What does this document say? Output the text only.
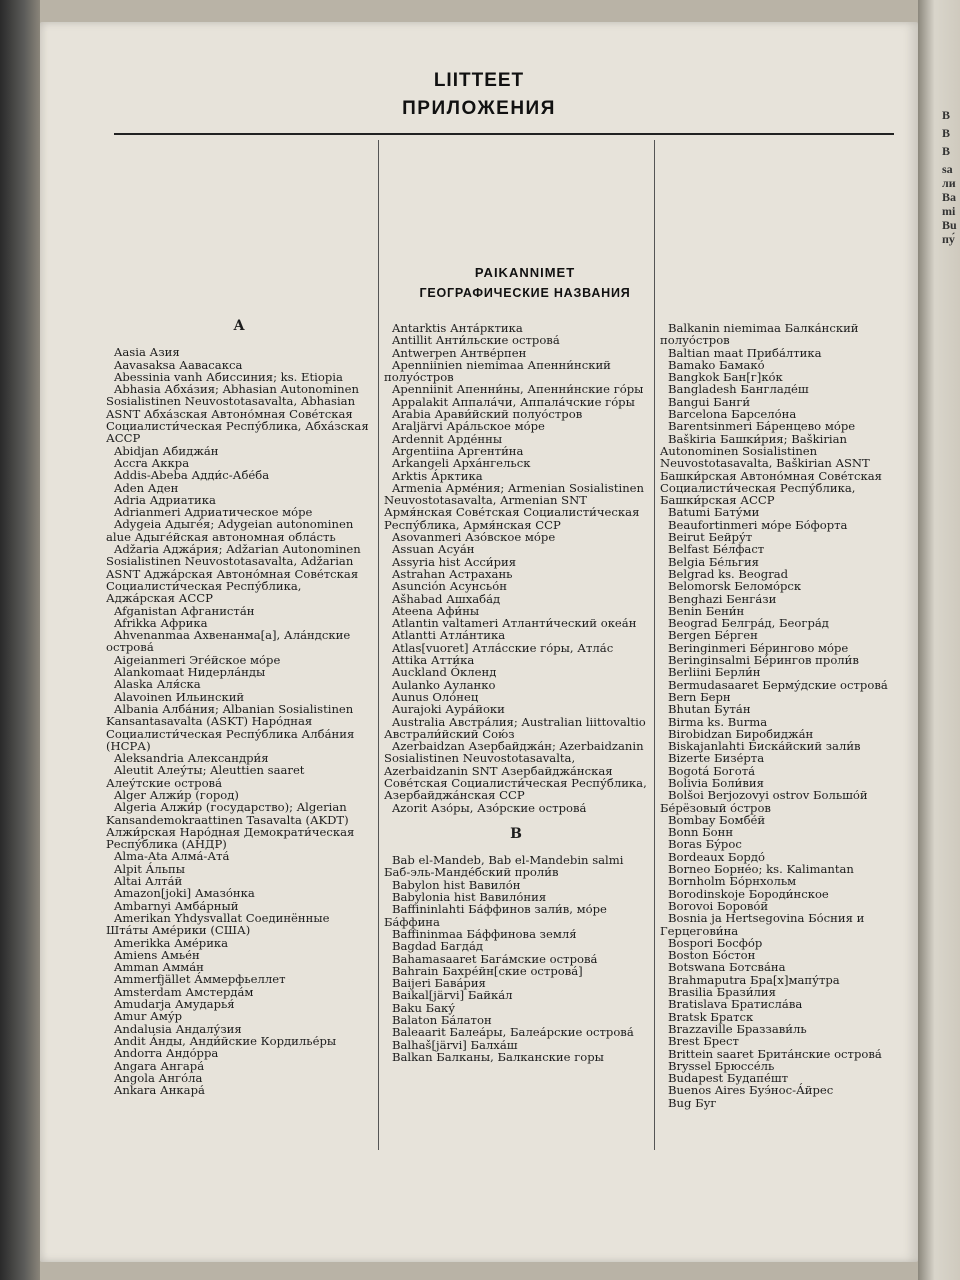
B
B
B
sa
ли
Ba
mi
Bu
пу́
LIITTEET
ПРИЛОЖЕНИЯ
PAIKANNIMET
ГЕОГРАФИЧЕСКИЕ НАЗВАНИЯ
A
Aasia Азия
Aavasaksa Аавасакса
Abessinia vanh Абиссиния; ks. Etiopia
Abhasia Абха́зия; Abhasian Autonominen Sosialistinen Neuvostotasavalta, Abhasian ASNT Абха́зская Автоно́мная Сове́тская Социалисти́ческая Респу́блика, Абха́зская АССР
Abidjan Абиджа́н
Accra Аккра
Addis-Abeba Адди́с-Абе́ба
Aden Аден
Adria Адриатика
Adrianmeri Адриатическое мо́ре
Adygeia Адыге́я; Adygeian autonominen alue Адыге́йская автономная обла́сть
Adžaria Аджа́рия; Adžarian Autonominen Sosialistinen Neuvostotasavalta, Adžarian ASNT Аджа́рская Автоно́мная Сове́тская Социалисти́ческая Респу́блика, Аджа́рская АССР
Afganistan Афганиста́н
Afrikka Африка
Ahvenanmaa Ахвенанма[а], Ала́ндские острова́
Aigeianmeri Эге́йское мо́ре
Alankomaat Нидерла́нды
Alaska Аля́ска
Alavoinen Ильинский
Albania Алба́ния; Albanian Sosialistinen Kansantasavalta (ASKT) Наро́дная Социалисти́ческая Респу́блика Алба́ния (НСРА)
Aleksandria Александри́я
Aleutit Алеу́ты; Aleuttien saaret Алеу́тские острова́
Alger Алжи́р (город)
Algeria Алжи́р (государство); Algerian Kansandemokraattinen Tasavalta (AKDT) Алжи́рская Наро́дная Демократи́ческая Респу́блика (АНДР)
Alma-Ata Алма́-Ата́
Alpit А́льпы
Altai Алта́й
Amazon[joki] Амазо́нка
Ambarnyi Амба́рный
Amerikan Yhdysvallat Соединённые Шта́ты Аме́рики (США)
Amerikka Аме́рика
Amiens Амье́н
Amman Амма́н
Ammerfjället А́ммерфьеллет
Amsterdam Амстерда́м
Amudarja Амударья́
Amur Аму́р
Andalusia Андалу́зия
Andit А́нды, Анди́йские Кордилье́ры
Andorra Андо́рра
Angara Ангара́
Angola Анго́ла
Ankara Анкара́
Antarktis Анта́рктика
Antillit Анти́льские острова́
Antwerpen Антве́рпен
Apenniinien niemimaa Апенни́нский полуо́стров
Apenniinit Апенни́ны, Апенни́нские го́ры
Appalakit Аппала́чи, Аппала́чские го́ры
Arabia Арави́йский полуо́стров
Araljärvi Ара́льское мо́ре
Ardennit Арде́нны
Argentiina Аргенти́на
Arkangeli Арха́нгельск
Arktis А́рктика
Armenia Арме́ния; Armenian Sosialistinen Neuvostotasavalta, Armenian SNT Армя́нская Сове́тская Социалисти́ческая Респу́блика, Армя́нская ССР
Asovanmeri Азо́вское мо́ре
Assuan Асуа́н
Assyria hist Асси́рия
Astrahan Астрахань
Asunción Асунсьо́н
Ašhabad Ашхаба́д
Ateena Афи́ны
Atlantin valtameri Атланти́ческий океа́н
Atlantti Атла́нтика
Atlas[vuoret] Атла́сские го́ры, Атла́с
Attika Атти́ка
Auckland О́кленд
Aulanko Ауланко
Aunus Оло́нец
Aurajoki Аура́йоки
Australia Австра́лия; Australian liittovaltio Австрали́йский Сою́з
Azerbaidzan Азербайджа́н; Azerbaidzanin Sosialistinen Neuvostotasavalta, Azerbaidzanin SNT Азербайджа́нская Сове́тская Социалисти́ческая Респу́блика, Азербайджа́нская ССР
Azorit Азо́ры, Азо́рские острова́
B
Bab el-Mandeb, Bab el-Mandebin salmi Баб-эль-Манде́бский проли́в
Babylon hist Вавило́н
Babylonia hist Вавило́ния
Baffininlahti Ба́ффинов зали́в, мо́ре Ба́ффина
Baffininmaa Ба́ффинова земля́
Bagdad Багда́д
Bahamasaaret Бага́мские острова́
Bahrain Бахре́йн[ские острова́]
Baijeri Бава́рия
Baikal[järvi] Байка́л
Baku Баку́
Balaton Ба́латон
Baleaarit Балеа́ры, Балеа́рские острова́
Balhaš[järvi] Балха́ш
Balkan Балканы, Балканские горы
Balkanin niemimaa Балка́нский полуо́стров
Baltian maat Приба́лтика
Bamako Бамако́
Bangkok Бан[г]ко́к
Bangladesh Бангладе́ш
Bangui Банги́
Barcelona Барсело́на
Barentsinmeri Ба́ренцево мо́ре
Baškiria Башки́рия; Baškirian Autonominen Sosialistinen Neuvostotasavalta, Baškirian ASNT Башки́рская Автоно́мная Сове́тская Социалисти́ческая Респу́блика, Башки́рская АССР
Batumi Бату́ми
Beaufortinmeri мо́ре Бо́форта
Beirut Бейру́т
Belfast Бе́лфаст
Belgia Бе́льгия
Belgrad ks. Beograd
Belomorsk Беломо́рск
Benghazi Бенга́зи
Benin Бени́н
Beograd Белгра́д, Београ́д
Bergen Бе́рген
Beringinmeri Бе́рингово мо́ре
Beringinsalmi Бе́рингов проли́в
Berliini Берли́н
Bermudasaaret Берму́дские острова́
Bern Берн
Bhutan Бута́н
Birma ks. Burma
Birobidzan Биробиджа́н
Biskajanlahti Биска́йский зали́в
Bizerte Бизе́рта
Bogotá Богота́
Bolivia Боли́вия
Bolšoi Berjozovyi ostrov Большо́й Бе́рёзовый о́стров
Bombay Бомбе́й
Bonn Бонн
Boras Бу́рос
Bordeaux Бордо́
Borneo Борне́о; ks. Kalimantan
Bornholm Бо́рнхольм
Borodinskoje Бороди́нское
Borovoi Борово́й
Bosnia ja Hertsegovina Бо́сния и Герцегови́на
Bospori Босфо́р
Boston Бо́стон
Botswana Ботсва́на
Brahmaputra Бра[х]мапу́тра
Brasilia Брази́лия
Bratislava Братисла́ва
Bratsk Братск
Brazzaville Браззави́ль
Brest Брест
Brittein saaret Брита́нские острова́
Bryssel Брюссе́ль
Budapest Будапе́шт
Buenos Aires Буэ́нос-А́йрес
Bug Буг
